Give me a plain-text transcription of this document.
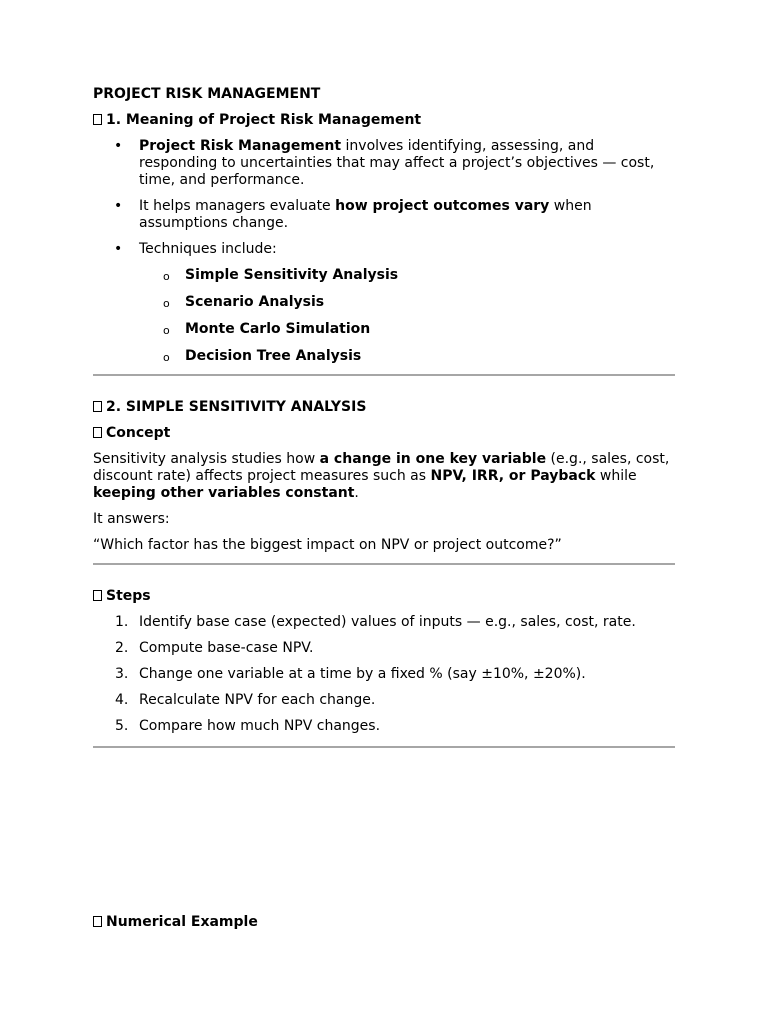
PROJECT RISK MANAGEMENT

1. Meaning of Project Risk Management

• Project Risk Management involves identifying, assessing, and responding to uncertainties that may affect a project’s objectives — cost, time, and performance.
• It helps managers evaluate how project outcomes vary when assumptions change.
• Techniques include:
o Simple Sensitivity Analysis
o Scenario Analysis
o Monte Carlo Simulation
o Decision Tree Analysis

2. SIMPLE SENSITIVITY ANALYSIS

Concept

Sensitivity analysis studies how a change in one key variable (e.g., sales, cost, discount rate) affects project measures such as NPV, IRR, or Payback while keeping other variables constant.

It answers:

“Which factor has the biggest impact on NPV or project outcome?”

Steps

1. Identify base case (expected) values of inputs — e.g., sales, cost, rate.
2. Compute base-case NPV.
3. Change one variable at a time by a fixed % (say ±10%, ±20%).
4. Recalculate NPV for each change.
5. Compare how much NPV changes.

Numerical Example
